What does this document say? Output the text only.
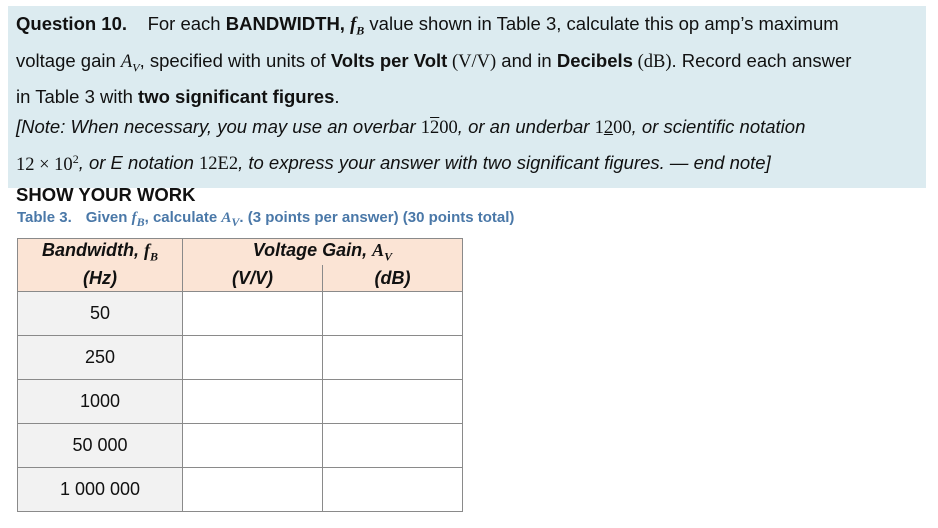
Question 10. For each BANDWIDTH, $f_B$ value shown in Table 3, calculate this op amp’s maximum
voltage gain $A_V$, specified with units of Volts per Volt (V/V) and in Decibels (dB). Record each answer
in Table 3 with two significant figures.
[Note: When necessary, you may use an overbar 1200, or an underbar 1200, or scientific notation
$12 \times 10^2$, or E notation 12E2, to express your answer with two significant figures. — end note]
SHOW YOUR WORK
Table 3. Given $f_B$, calculate $A_V$. (3 points per answer) (30 points total)
Bandwidth, $f_B$	Voltage Gain, $A_V$
(Hz)	(V/V)	(dB)
50		
250		
1000		
50 000		
1 000 000		
